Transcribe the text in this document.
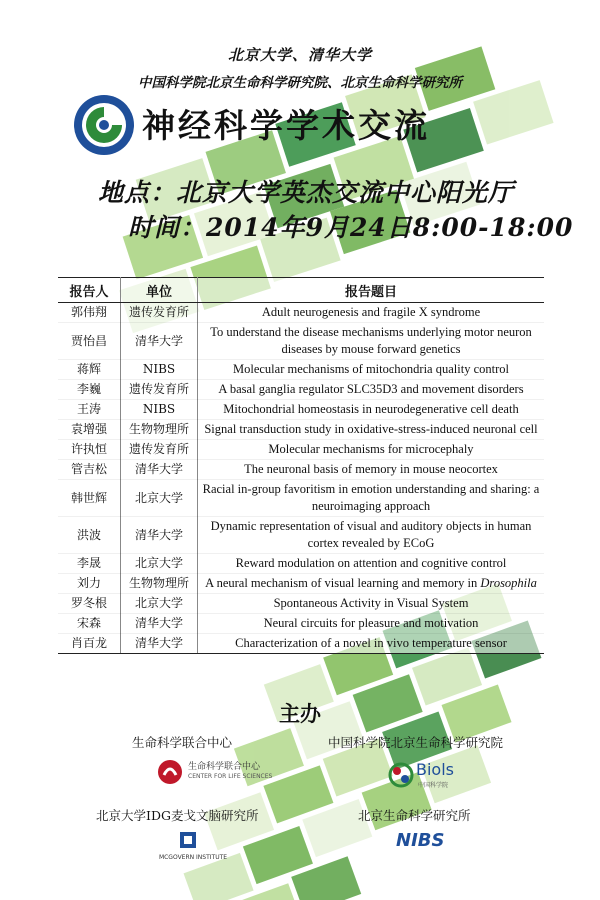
北京大学、清华大学
中国科学院北京生命科学研究院、北京生命科学研究所
神经科学学术交流
地点：北京大学英杰交流中心阳光厅
时间：2014年9月24日8:00-18:00
报告人	单位	报告题目
郭伟翔	遗传发育所	Adult neurogenesis and fragile X syndrome
贾怡昌	清华大学	To understand the disease mechanisms underlying motor neuron diseases by mouse forward genetics
蒋辉	NIBS	Molecular mechanisms of mitochondria quality control
李巍	遗传发育所	A basal ganglia regulator SLC35D3 and movement disorders
王涛	NIBS	Mitochondrial homeostasis in neurodegenerative cell death
袁增强	生物物理所	Signal transduction study in oxidative-stress-induced neuronal cell
许执恒	遗传发育所	Molecular mechanisms for microcephaly
管吉松	清华大学	The neuronal basis of memory in mouse neocortex
韩世辉	北京大学	Racial in-group favoritism in emotion understanding and sharing: a neuroimaging approach
洪波	清华大学	Dynamic representation of visual and auditory objects in human cortex revealed by ECoG
李晟	北京大学	Reward modulation on attention and cognitive control
刘力	生物物理所	A neural mechanism of visual learning and memory in Drosophila
罗冬根	北京大学	Spontaneous Activity in Visual System
宋森	清华大学	Neural circuits for pleasure and motivation
肖百龙	清华大学	Characterization of a novel in vivo temperature sensor
主办
生命科学联合中心	中国科学院北京生命科学研究院
生命科学联合中心
CENTER FOR LIFE SCIENCES	Biols
中国科学院
北京大学IDG麦戈文脑研究所	北京生命科学研究所
MCGOVERN INSTITUTE
NIBS
